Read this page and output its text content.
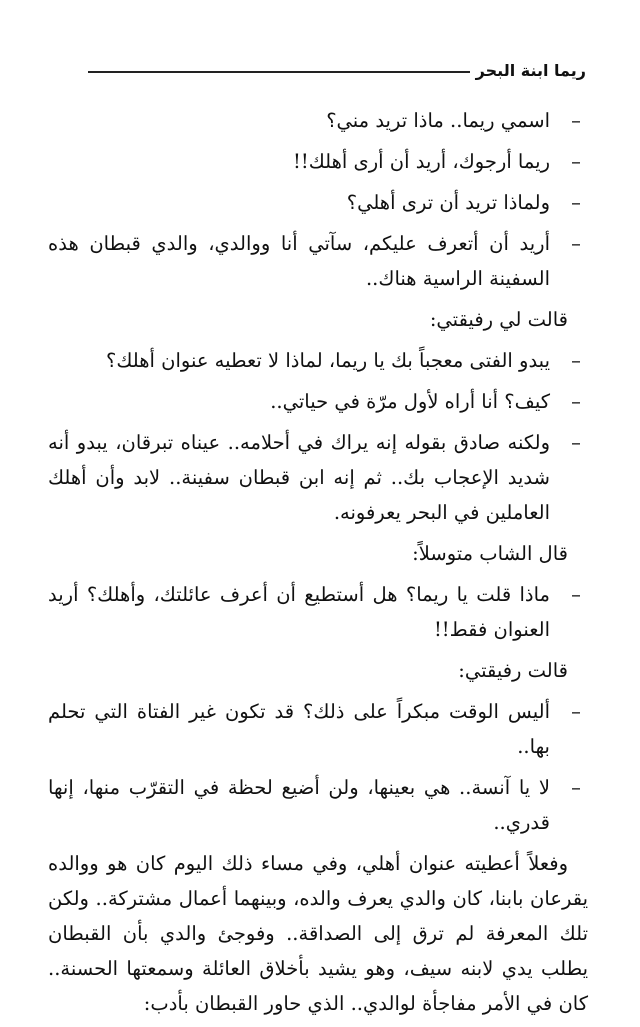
ريما ابنة البحر
–
اسمي ريما.. ماذا تريد مني؟
–
ريما أرجوك، أريد أن أرى أهلك!!
–
ولماذا تريد أن ترى أهلي؟
–
أريد أن أتعرف عليكم، سآتي أنا ووالدي، والدي قبطان هذه السفينة الراسية هناك..
قالت لي رفيقتي:
–
يبدو الفتى معجباً بك يا ريما، لماذا لا تعطيه عنوان أهلك؟
–
كيف؟ أنا أراه لأول مرّة في حياتي..
–
ولكنه صادق بقوله إنه يراك في أحلامه.. عيناه تبرقان، يبدو أنه شديد الإعجاب بك.. ثم إنه ابن قبطان سفينة.. لابد وأن أهلك العاملين في البحر يعرفونه.
قال الشاب متوسلاً:
–
ماذا قلت يا ريما؟ هل أستطيع أن أعرف عائلتك، وأهلك؟ أريد العنوان فقط!!
قالت رفيقتي:
–
أليس الوقت مبكراً على ذلك؟ قد تكون غير الفتاة التي تحلم بها..
–
لا يا آنسة.. هي بعينها، ولن أضيع لحظة في التقرّب منها، إنها قدري..
وفعلاً أعطيته عنوان أهلي، وفي مساء ذلك اليوم كان هو ووالده يقرعان بابنا، كان والدي يعرف والده، وبينهما أعمال مشتركة.. ولكن تلك المعرفة لم ترق إلى الصداقة.. وفوجئ والدي بأن القبطان يطلب يدي لابنه سيف، وهو يشيد بأخلاق العائلة وسمعتها الحسنة.. كان في الأمر مفاجأة لوالدي.. الذي حاور القبطان بأدب:
